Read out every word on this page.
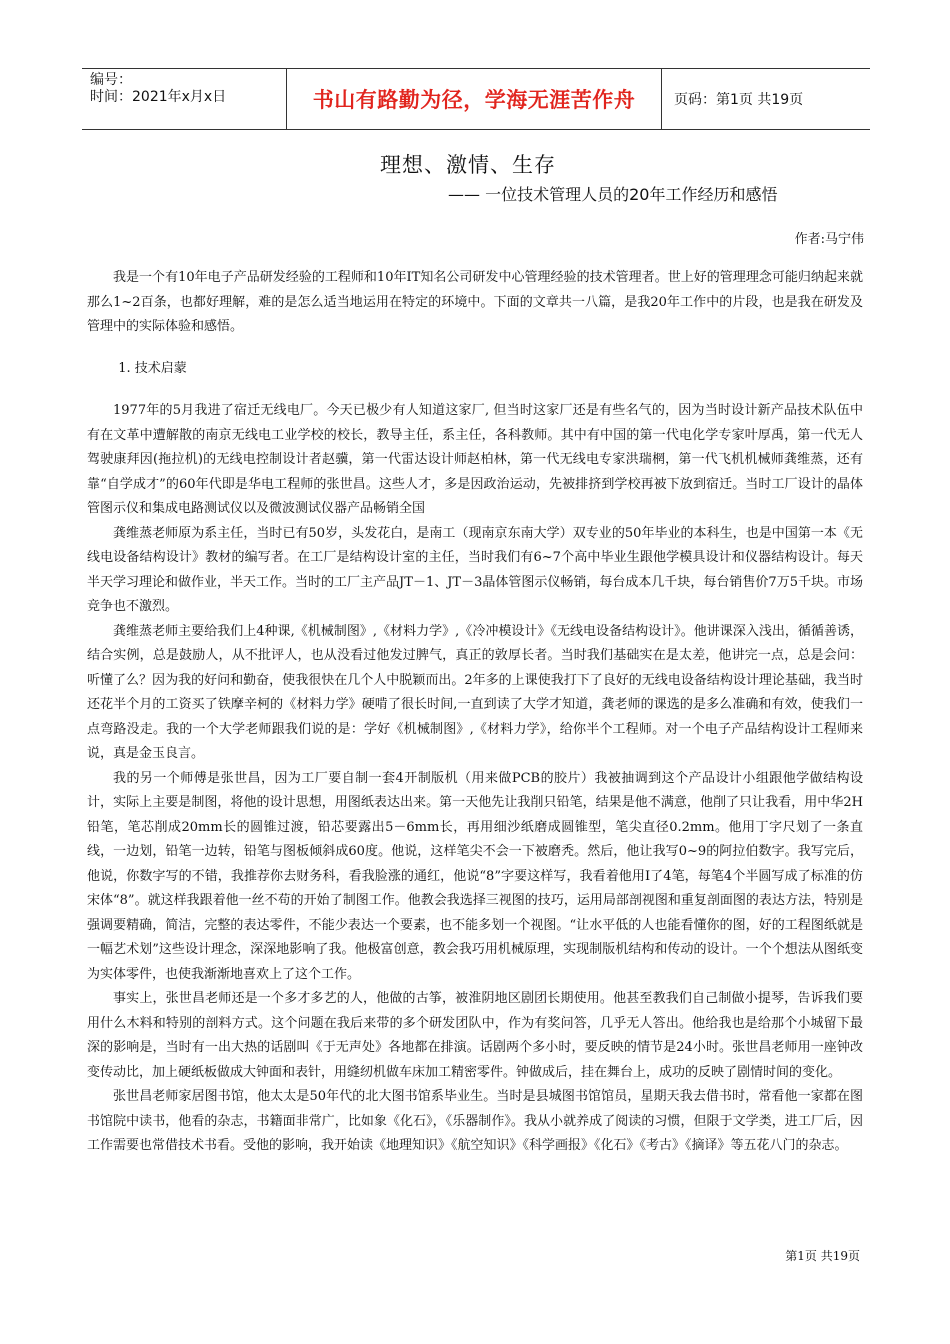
编号：
时间：2021年x月x日	书山有路勤为径，学海无涯苦作舟	页码：第1页 共19页
理想、激情、生存
—— 一位技术管理人员的20年工作经历和感悟
作者:马宁伟

我是一个有10年电子产品研发经验的工程师和10年IT知名公司研发中心管理经验的技术管理者。世上好的管理理念可能归纳起来就那么1~2百条，也都好理解，难的是怎么适当地运用在特定的环境中。下面的文章共一八篇，是我20年工作中的片段，也是我在研发及管理中的实际体验和感悟。

1. 技术启蒙

1977年的5月我进了宿迁无线电厂。今天已极少有人知道这家厂, 但当时这家厂还是有些名气的，因为当时设计新产品技术队伍中有在文革中遭解散的南京无线电工业学校的校长，教导主任，系主任，各科教师。其中有中国的第一代电化学专家叶厚禹，第一代无人驾驶康拜因(拖拉机)的无线电控制设计者赵骥，第一代雷达设计师赵柏林，第一代无线电专家洪瑞棢，第一代飞机机械师龚维蒸，还有靠“自学成才”的60年代即是华电工程师的张世昌。这些人才，多是因政治运动，先被排挤到学校再被下放到宿迁。当时工厂设计的晶体管图示仪和集成电路测试仪以及微波测试仪器产品畅销全国

龚维蒸老师原为系主任，当时已有50岁，头发花白，是南工（现南京东南大学）双专业的50年毕业的本科生，也是中国第一本《无线电设备结构设计》教材的编写者。在工厂是结构设计室的主任，当时我们有6~7个高中毕业生跟他学模具设计和仪器结构设计。每天半天学习理论和做作业，半天工作。当时的工厂主产品JT－1、JT－3晶体管图示仪畅销，每台成本几千块，每台销售价7万5千块。市场竞争也不激烈。

龚维蒸老师主要给我们上4种课,《机械制图》,《材料力学》,《冷冲模设计》《无线电设备结构设计》。他讲课深入浅出，循循善诱，结合实例，总是鼓励人，从不批评人，也从没看过他发过脾气，真正的敦厚长者。当时我们基础实在是太差，他讲完一点，总是会问：听懂了么？因为我的好问和勤奋，使我很快在几个人中脱颖而出。2年多的上课使我打下了良好的无线电设备结构设计理论基础，我当时还花半个月的工资买了铁摩辛柯的《材料力学》硬啃了很长时间,一直到读了大学才知道，龚老师的课选的是多么准确和有效，使我们一点弯路没走。我的一个大学老师跟我们说的是：学好《机械制图》,《材料力学》，给你半个工程师。对一个电子产品结构设计工程师来说，真是金玉良言。

我的另一个师傅是张世昌，因为工厂要自制一套4开制版机（用来做PCB的胶片）我被抽调到这个产品设计小组跟他学做结构设计，实际上主要是制图，将他的设计思想，用图纸表达出来。第一天他先让我削只铅笔，结果是他不满意，他削了只让我看，用中华2H铅笔，笔芯削成20mm长的圆锥过渡，铅芯要露出5－6mm长，再用细沙纸磨成圆锥型，笔尖直径0.2mm。他用丁字尺划了一条直线，一边划，铅笔一边转，铅笔与图板倾斜成60度。他说，这样笔尖不会一下被磨秃。然后，他让我写0~9的阿拉伯数字。我写完后，他说，你数字写的不错，我推荐你去财务科，看我脸涨的通红，他说“8”字要这样写，我看着他用Ⅰ了4笔，每笔4个半圆写成了标准的仿宋体“8”。就这样我跟着他一丝不苟的开始了制图工作。他教会我选择三视图的技巧，运用局部剖视图和重复剖面图的表达方法，特别是强调要精确，简洁，完整的表达零件，不能少表达一个要素，也不能多划一个视图。“让水平低的人也能看懂你的图，好的工程图纸就是一幅艺术划”这些设计理念，深深地影响了我。他极富创意，教会我巧用机械原理，实现制版机结构和传动的设计。一个个想法从图纸变为实体零件，也使我渐渐地喜欢上了这个工作。

事实上，张世昌老师还是一个多才多艺的人，他做的古筝，被淮阴地区剧团长期使用。他甚至教我们自己制做小提琴，告诉我们要用什么木料和特别的剖料方式。这个问题在我后来带的多个研发团队中，作为有奖问答，几乎无人答出。他给我也是给那个小城留下最深的影响是，当时有一出大热的话剧叫《于无声处》各地都在排演。话剧两个多小时，要反映的情节是24小时。张世昌老师用一座钟改变传动比，加上硬纸板做成大钟面和表针，用缝纫机做车床加工精密零件。钟做成后，挂在舞台上，成功的反映了剧情时间的变化。

张世昌老师家居图书馆，他太太是50年代的北大图书馆系毕业生。当时是县城图书馆馆员，星期天我去借书时，常看他一家都在图书馆院中读书，他看的杂志，书籍面非常广，比如象《化石》，《乐器制作》。我从小就养成了阅读的习惯，但限于文学类，进工厂后，因工作需要也常借技术书看。受他的影响，我开始读《地理知识》《航空知识》《科学画报》《化石》《考古》《摘译》等五花八门的杂志。

第1页 共19页
